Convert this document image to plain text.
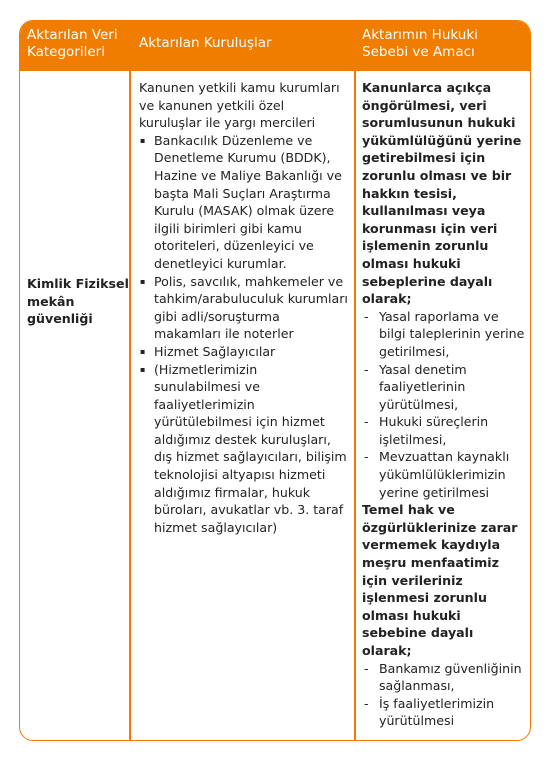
Aktarılan Veri
Kategorileri
Aktarılan Kuruluşlar	Aktarımın Hukuki
Sebebi ve Amacı
Kimlik Fiziksel mekân güvenliği
Kanunen yetkili kamu kurumları ve kanunen yetkili özel kuruluşlar ile yargı mercileri
▪ Bankacılık Düzenleme ve Denetleme Kurumu (BDDK), Hazine ve Maliye Bakanlığı ve başta Mali Suçları Araştırma Kurulu (MASAK) olmak üzere ilgili birimleri gibi kamu otoriteleri, düzenleyici ve denetleyici kurumlar.
▪ Polis, savcılık, mahkemeler ve tahkim/arabuluculuk kurumları gibi adli/soruşturma makamları ile noterler
▪ Hizmet Sağlayıcılar
▪ (Hizmetlerimizin sunulabilmesi ve faaliyetlerimizin yürütülebilmesi için hizmet aldığımız destek kuruluşları, dış hizmet sağlayıcıları, bilişim teknolojisi altyapısı hizmeti aldığımız firmalar, hukuk büroları, avukatlar vb. 3. taraf hizmet sağlayıcılar)
Kanunlarca açıkça öngörülmesi, veri sorumlusunun hukuki yükümlülüğünü yerine getirebilmesi için zorunlu olması ve bir hakkın tesisi, kullanılması veya korunması için veri işlemenin zorunlu olması hukuki sebeplerine dayalı olarak;
- Yasal raporlama ve bilgi taleplerinin yerine getirilmesi,
- Yasal denetim faaliyetlerinin yürütülmesi,
- Hukuki süreçlerin işletilmesi,
- Mevzuattan kaynaklı yükümlülüklerimizin yerine getirilmesi
Temel hak ve özgürlüklerinize zarar vermemek kaydıyla meşru menfaatimiz için verileriniz işlenmesi zorunlu olması hukuki sebebine dayalı olarak;
- Bankamız güvenliğinin sağlanması,
- İş faaliyetlerimizin yürütülmesi
